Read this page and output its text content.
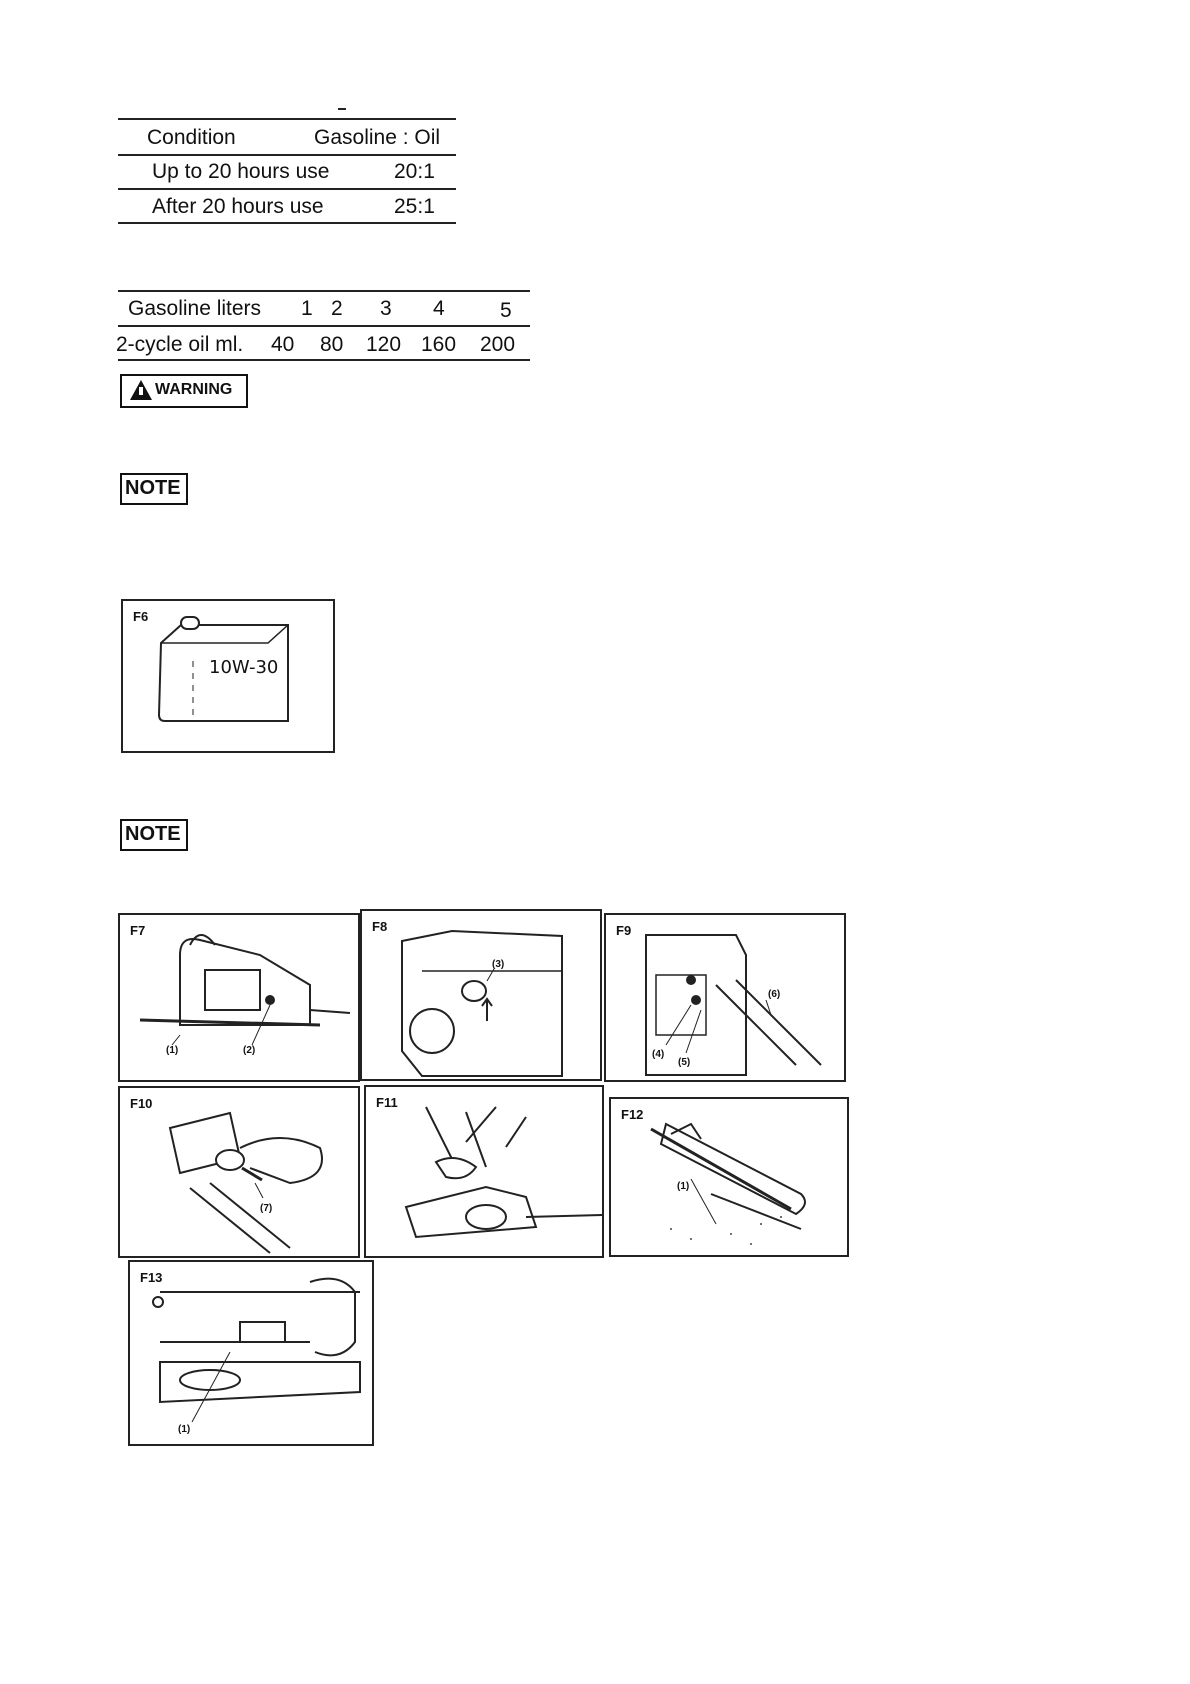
Condition	Gasoline : Oil
Up to 20 hours use	20:1
After 20 hours use	25:1
Gasoline liters 1 2 3 4	5
2-cycle oil ml. 40 80 120 160 200
WARNING
NOTE
F6
10W-30
NOTE
F7
(1)	(2)
F8
(3)
F9
(4)
(5)
(6)
F10
(7)
F11
F12
(1)
F13
(1)
